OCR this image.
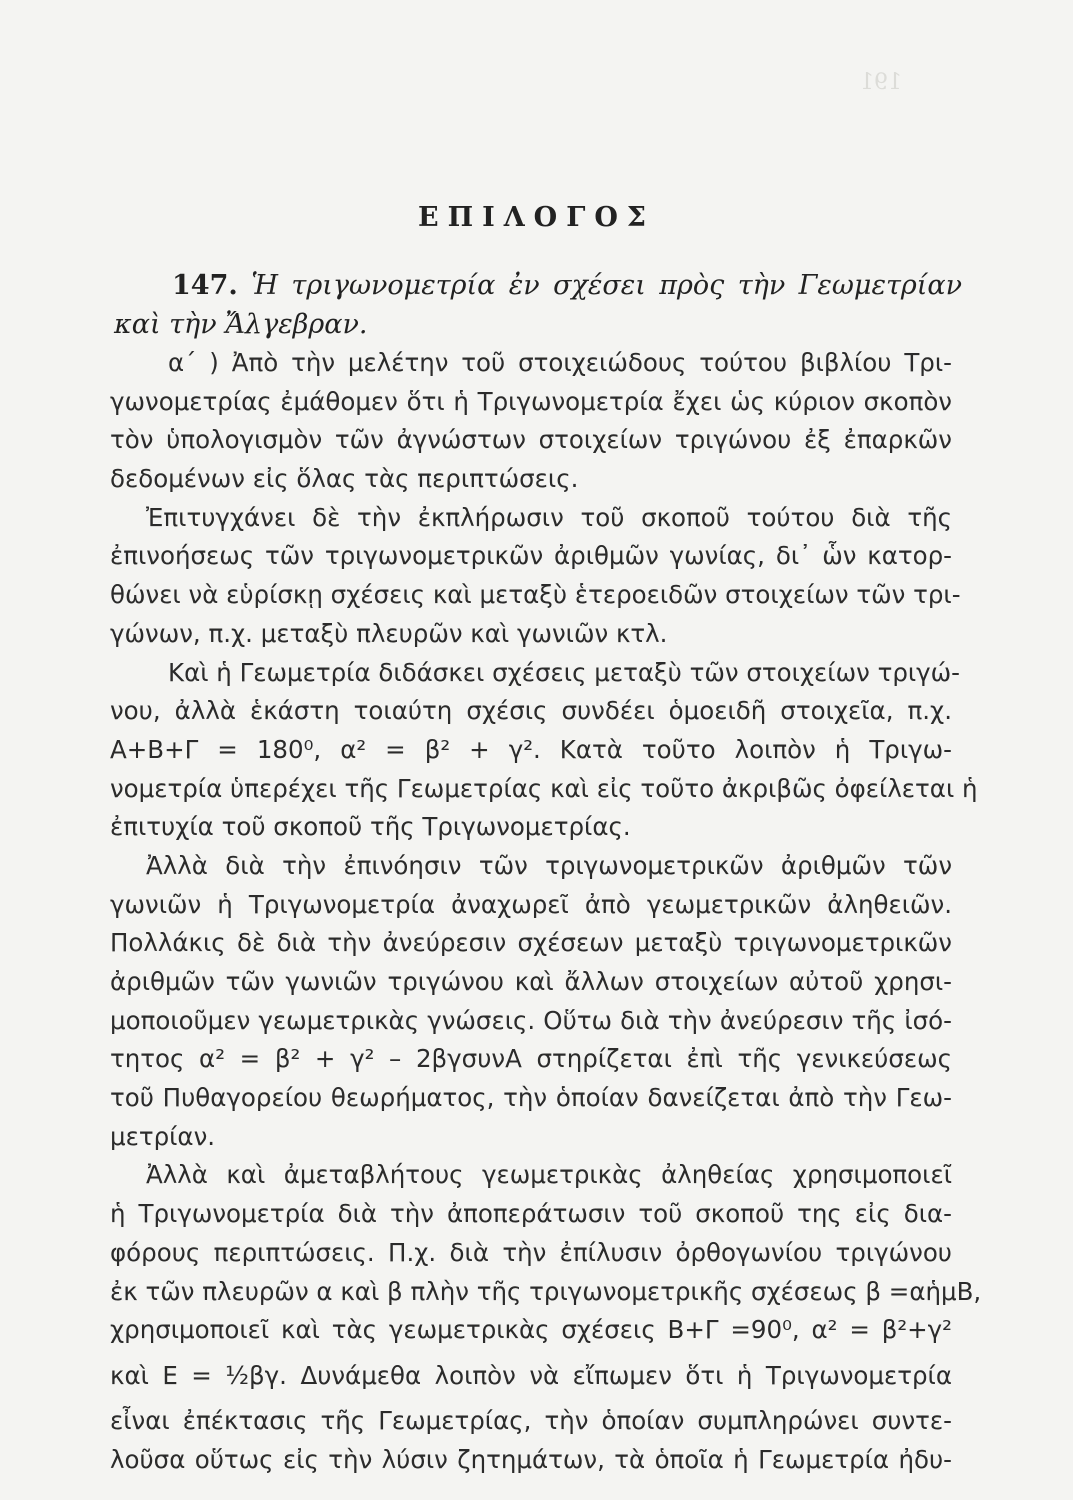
191
ΕΠΙΛΟΓΟΣ
147. Ἡ τριγωνομετρία ἐν σχέσει πρὸς τὴν Γεωμετρίαν
καὶ τὴν Ἄλγεβραν.
α΄ ) Ἀπὸ τὴν μελέτην τοῦ στοιχειώδους τούτου βιβλίου Τρι-
γωνομετρίας ἐμάθομεν ὅτι ἡ Τριγωνομετρία ἔχει ὡς κύριον σκοπὸν
τὸν ὑπολογισμὸν τῶν ἀγνώστων στοιχείων τριγώνου ἐξ ἐπαρκῶν
δεδομένων εἰς ὅλας τὰς περιπτώσεις.
Ἐπιτυγχάνει δὲ τὴν ἐκπλήρωσιν τοῦ σκοποῦ τούτου διὰ τῆς
ἐπινοήσεως τῶν τριγωνομετρικῶν ἀριθμῶν γωνίας, δι᾽ ὧν κατορ-
θώνει νὰ εὑρίσκῃ σχέσεις καὶ μεταξὺ ἑτεροειδῶν στοιχείων τῶν τρι-
γώνων, π.χ. μεταξὺ πλευρῶν καὶ γωνιῶν κτλ.
Καὶ ἡ Γεωμετρία διδάσκει σχέσεις μεταξὺ τῶν στοιχείων τριγώ-
νου, ἀλλὰ ἑκάστη τοιαύτη σχέσις συνδέει ὁμοειδῆ στοιχεῖα, π.χ.
Α+Β+Γ = 180⁰, α² = β² + γ². Κατὰ τοῦτο λοιπὸν ἡ Τριγω-
νομετρία ὑπερέχει τῆς Γεωμετρίας καὶ εἰς τοῦτο ἀκριβῶς ὀφείλεται ἡ
ἐπιτυχία τοῦ σκοποῦ τῆς Τριγωνομετρίας.
Ἀλλὰ διὰ τὴν ἐπινόησιν τῶν τριγωνομετρικῶν ἀριθμῶν τῶν
γωνιῶν ἡ Τριγωνομετρία ἀναχωρεῖ ἀπὸ γεωμετρικῶν ἀληθειῶν.
Πολλάκις δὲ διὰ τὴν ἀνεύρεσιν σχέσεων μεταξὺ τριγωνομετρικῶν
ἀριθμῶν τῶν γωνιῶν τριγώνου καὶ ἄλλων στοιχείων αὐτοῦ χρησι-
μοποιοῦμεν γεωμετρικὰς γνώσεις. Οὕτω διὰ τὴν ἀνεύρεσιν τῆς ἰσό-
τητος α² = β² + γ² – 2βγσυνΑ στηρίζεται ἐπὶ τῆς γενικεύσεως
τοῦ Πυθαγορείου θεωρήματος, τὴν ὁποίαν δανείζεται ἀπὸ τὴν Γεω-
μετρίαν.
Ἀλλὰ καὶ ἀμεταβλήτους γεωμετρικὰς ἀληθείας χρησιμοποιεῖ
ἡ Τριγωνομετρία διὰ τὴν ἀποπεράτωσιν τοῦ σκοποῦ της εἰς δια-
φόρους περιπτώσεις. Π.χ. διὰ τὴν ἐπίλυσιν ὀρθογωνίου τριγώνου
ἐκ τῶν πλευρῶν α καὶ β πλὴν τῆς τριγωνομετρικῆς σχέσεως β =αἡμΒ,
χρησιμοποιεῖ καὶ τὰς γεωμετρικὰς σχέσεις Β+Γ =90⁰, α² = β²+γ²
καὶ Ε = ½βγ. Δυνάμεθα λοιπὸν νὰ εἴπωμεν ὅτι ἡ Τριγωνομετρία
εἶναι ἐπέκτασις τῆς Γεωμετρίας, τὴν ὁποίαν συμπληρώνει συντε-
λοῦσα οὕτως εἰς τὴν λύσιν ζητημάτων, τὰ ὁποῖα ἡ Γεωμετρία ἠδυ-
